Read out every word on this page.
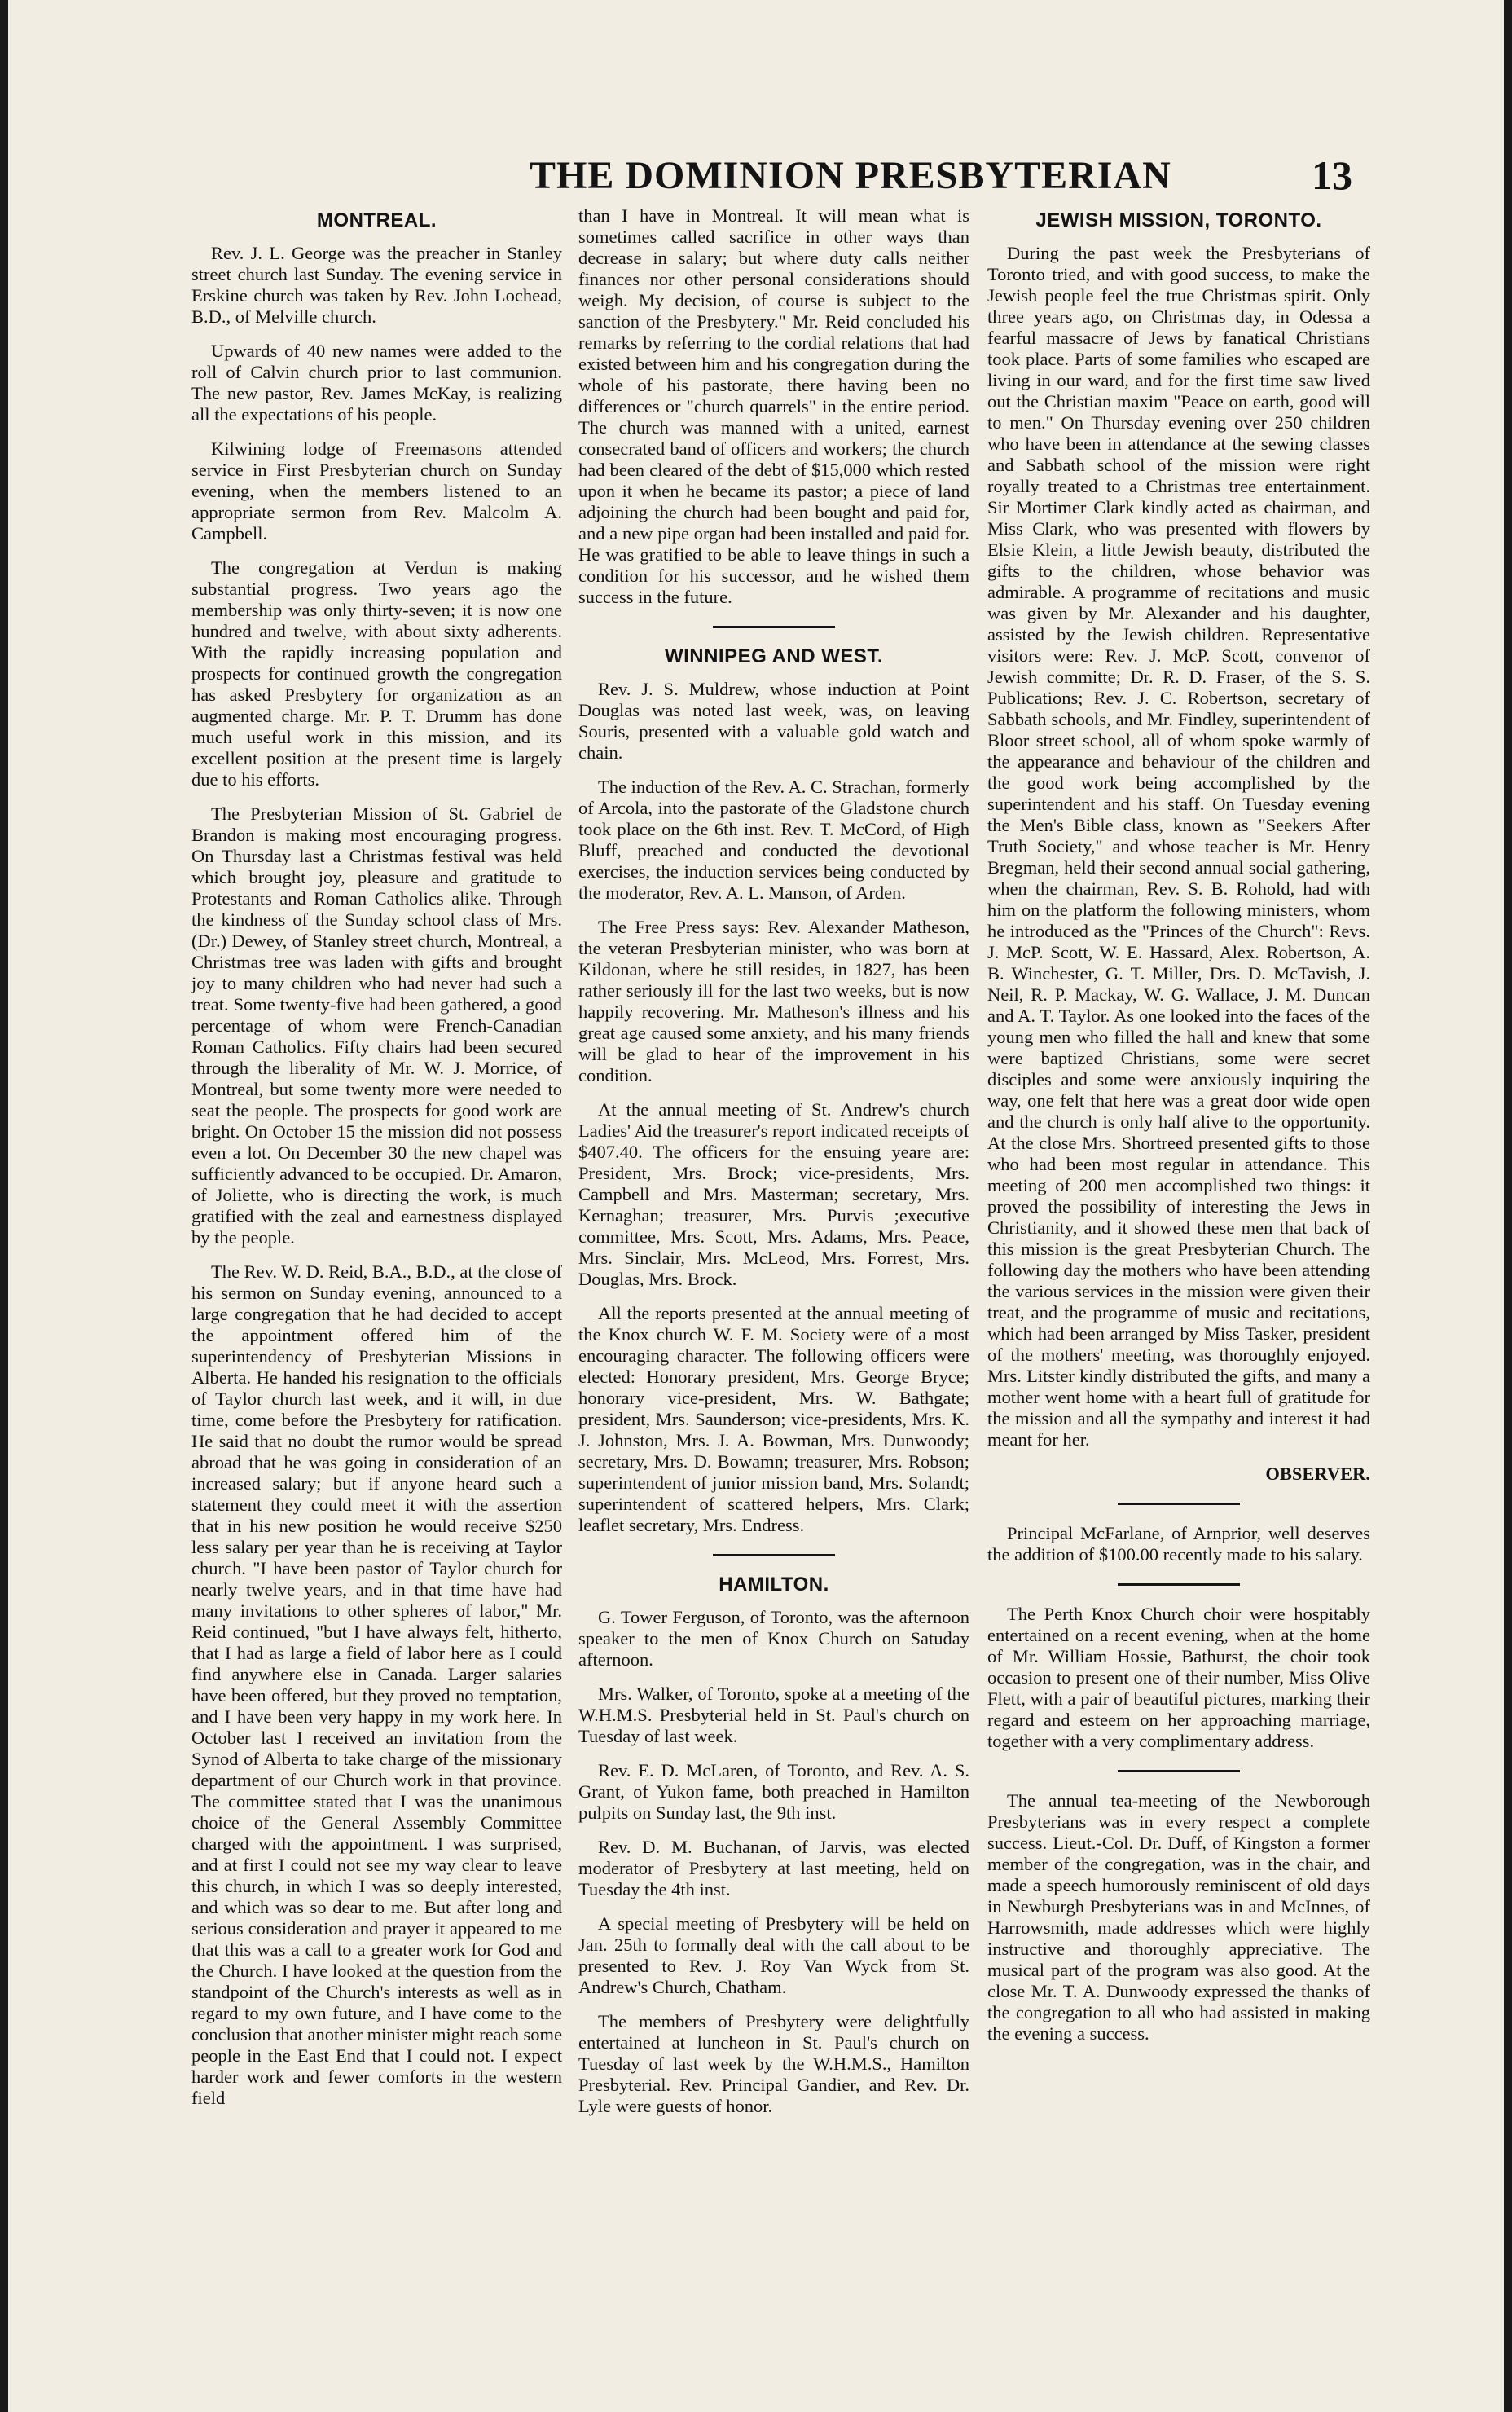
THE DOMINION PRESBYTERIAN	13
MONTREAL.

Rev. J. L. George was the preacher in Stanley street church last Sunday. The evening service in Erskine church was taken by Rev. John Lochead, B.D., of Melville church.

Upwards of 40 new names were added to the roll of Calvin church prior to last communion. The new pastor, Rev. James McKay, is realizing all the expectations of his people.

Kilwining lodge of Freemasons attended service in First Presbyterian church on Sunday evening, when the members listened to an appropriate sermon from Rev. Malcolm A. Campbell.

The congregation at Verdun is making substantial progress. Two years ago the membership was only thirty-seven; it is now one hundred and twelve, with about sixty adherents. With the rapidly increasing population and prospects for continued growth the congregation has asked Presbytery for organization as an augmented charge. Mr. P. T. Drumm has done much useful work in this mission, and its excellent position at the present time is largely due to his efforts.

The Presbyterian Mission of St. Gabriel de Brandon is making most encouraging progress. On Thursday last a Christmas festival was held which brought joy, pleasure and gratitude to Protestants and Roman Catholics alike. Through the kindness of the Sunday school class of Mrs. (Dr.) Dewey, of Stanley street church, Montreal, a Christmas tree was laden with gifts and brought joy to many children who had never had such a treat. Some twenty-five had been gathered, a good percentage of whom were French-Canadian Roman Catholics. Fifty chairs had been secured through the liberality of Mr. W. J. Morrice, of Montreal, but some twenty more were needed to seat the people. The prospects for good work are bright. On October 15 the mission did not possess even a lot. On December 30 the new chapel was sufficiently advanced to be occupied. Dr. Amaron, of Joliette, who is directing the work, is much gratified with the zeal and earnestness displayed by the people.

The Rev. W. D. Reid, B.A., B.D., at the close of his sermon on Sunday evening, announced to a large congregation that he had decided to accept the appointment offered him of the superintendency of Presbyterian Missions in Alberta. He handed his resignation to the officials of Taylor church last week, and it will, in due time, come before the Presbytery for ratification. He said that no doubt the rumor would be spread abroad that he was going in consideration of an increased salary; but if anyone heard such a statement they could meet it with the assertion that in his new position he would receive $250 less salary per year than he is receiving at Taylor church. "I have been pastor of Taylor church for nearly twelve years, and in that time have had many invitations to other spheres of labor," Mr. Reid continued, "but I have always felt, hitherto, that I had as large a field of labor here as I could find anywhere else in Canada. Larger salaries have been offered, but they proved no temptation, and I have been very happy in my work here. In October last I received an invitation from the Synod of Alberta to take charge of the missionary department of our Church work in that province. The committee stated that I was the unanimous choice of the General Assembly Committee charged with the appointment. I was surprised, and at first I could not see my way clear to leave this church, in which I was so deeply interested, and which was so dear to me. But after long and serious consideration and prayer it appeared to me that this was a call to a greater work for God and the Church. I have looked at the question from the standpoint of the Church's interests as well as in regard to my own future, and I have come to the conclusion that another minister might reach some people in the East End that I could not. I expect harder work and fewer comforts in the western field

than I have in Montreal. It will mean what is sometimes called sacrifice in other ways than decrease in salary; but where duty calls neither finances nor other personal considerations should weigh. My decision, of course is subject to the sanction of the Presbytery." Mr. Reid concluded his remarks by referring to the cordial relations that had existed between him and his congregation during the whole of his pastorate, there having been no differences or "church quarrels" in the entire period. The church was manned with a united, earnest consecrated band of officers and workers; the church had been cleared of the debt of $15,000 which rested upon it when he became its pastor; a piece of land adjoining the church had been bought and paid for, and a new pipe organ had been installed and paid for. He was gratified to be able to leave things in such a condition for his successor, and he wished them success in the future.

WINNIPEG AND WEST.

Rev. J. S. Muldrew, whose induction at Point Douglas was noted last week, was, on leaving Souris, presented with a valuable gold watch and chain.

The induction of the Rev. A. C. Strachan, formerly of Arcola, into the pastorate of the Gladstone church took place on the 6th inst. Rev. T. McCord, of High Bluff, preached and conducted the devotional exercises, the induction services being conducted by the moderator, Rev. A. L. Manson, of Arden.

The Free Press says: Rev. Alexander Matheson, the veteran Presbyterian minister, who was born at Kildonan, where he still resides, in 1827, has been rather seriously ill for the last two weeks, but is now happily recovering. Mr. Matheson's illness and his great age caused some anxiety, and his many friends will be glad to hear of the improvement in his condition.

At the annual meeting of St. Andrew's church Ladies' Aid the treasurer's report indicated receipts of $407.40. The officers for the ensuing yeare are: President, Mrs. Brock; vice-presidents, Mrs. Campbell and Mrs. Masterman; secretary, Mrs. Kernaghan; treasurer, Mrs. Purvis ;executive committee, Mrs. Scott, Mrs. Adams, Mrs. Peace, Mrs. Sinclair, Mrs. McLeod, Mrs. Forrest, Mrs. Douglas, Mrs. Brock.

All the reports presented at the annual meeting of the Knox church W. F. M. Society were of a most encouraging character. The following officers were elected: Honorary president, Mrs. George Bryce; honorary vice-president, Mrs. W. Bathgate; president, Mrs. Saunderson; vice-presidents, Mrs. K. J. Johnston, Mrs. J. A. Bowman, Mrs. Dunwoody; secretary, Mrs. D. Bowamn; treasurer, Mrs. Robson; superintendent of junior mission band, Mrs. Solandt; superintendent of scattered helpers, Mrs. Clark; leaflet secretary, Mrs. Endress.

HAMILTON.

G. Tower Ferguson, of Toronto, was the afternoon speaker to the men of Knox Church on Satuday afternoon.

Mrs. Walker, of Toronto, spoke at a meeting of the W.H.M.S. Presbyterial held in St. Paul's church on Tuesday of last week.

Rev. E. D. McLaren, of Toronto, and Rev. A. S. Grant, of Yukon fame, both preached in Hamilton pulpits on Sunday last, the 9th inst.

Rev. D. M. Buchanan, of Jarvis, was elected moderator of Presbytery at last meeting, held on Tuesday the 4th inst.

A special meeting of Presbytery will be held on Jan. 25th to formally deal with the call about to be presented to Rev. J. Roy Van Wyck from St. Andrew's Church, Chatham.

The members of Presbytery were delightfully entertained at luncheon in St. Paul's church on Tuesday of last week by the W.H.M.S., Hamilton Presbyterial. Rev. Principal Gandier, and Rev. Dr. Lyle were guests of honor.

JEWISH MISSION, TORONTO.

During the past week the Presbyterians of Toronto tried, and with good success, to make the Jewish people feel the true Christmas spirit. Only three years ago, on Christmas day, in Odessa a fearful massacre of Jews by fanatical Christians took place. Parts of some families who escaped are living in our ward, and for the first time saw lived out the Christian maxim "Peace on earth, good will to men." On Thursday evening over 250 children who have been in attendance at the sewing classes and Sabbath school of the mission were right royally treated to a Christmas tree entertainment. Sir Mortimer Clark kindly acted as chairman, and Miss Clark, who was presented with flowers by Elsie Klein, a little Jewish beauty, distributed the gifts to the children, whose behavior was admirable. A programme of recitations and music was given by Mr. Alexander and his daughter, assisted by the Jewish children. Representative visitors were: Rev. J. McP. Scott, convenor of Jewish committe; Dr. R. D. Fraser, of the S. S. Publications; Rev. J. C. Robertson, secretary of Sabbath schools, and Mr. Findley, superintendent of Bloor street school, all of whom spoke warmly of the appearance and behaviour of the children and the good work being accomplished by the superintendent and his staff. On Tuesday evening the Men's Bible class, known as "Seekers After Truth Society," and whose teacher is Mr. Henry Bregman, held their second annual social gathering, when the chairman, Rev. S. B. Rohold, had with him on the platform the following ministers, whom he introduced as the "Princes of the Church": Revs. J. McP. Scott, W. E. Hassard, Alex. Robertson, A. B. Winchester, G. T. Miller, Drs. D. McTavish, J. Neil, R. P. Mackay, W. G. Wallace, J. M. Duncan and A. T. Taylor. As one looked into the faces of the young men who filled the hall and knew that some were baptized Christians, some were secret disciples and some were anxiously inquiring the way, one felt that here was a great door wide open and the church is only half alive to the opportunity. At the close Mrs. Shortreed presented gifts to those who had been most regular in attendance. This meeting of 200 men accomplished two things: it proved the possibility of interesting the Jews in Christianity, and it showed these men that back of this mission is the great Presbyterian Church. The following day the mothers who have been attending the various services in the mission were given their treat, and the programme of music and recitations, which had been arranged by Miss Tasker, president of the mothers' meeting, was thoroughly enjoyed. Mrs. Litster kindly distributed the gifts, and many a mother went home with a heart full of gratitude for the mission and all the sympathy and interest it had meant for her.

OBSERVER.

Principal McFarlane, of Arnprior, well deserves the addition of $100.00 recently made to his salary.

The Perth Knox Church choir were hospitably entertained on a recent evening, when at the home of Mr. William Hossie, Bathurst, the choir took occasion to present one of their number, Miss Olive Flett, with a pair of beautiful pictures, marking their regard and esteem on her approaching marriage, together with a very complimentary address.

The annual tea-meeting of the Newborough Presbyterians was in every respect a complete success. Lieut.-Col. Dr. Duff, of Kingston a former member of the congregation, was in the chair, and made a speech humorously reminiscent of old days in Newburgh Presbyterians was in and McInnes, of Harrowsmith, made addresses which were highly instructive and thoroughly appreciative. The musical part of the program was also good. At the close Mr. T. A. Dunwoody expressed the thanks of the congregation to all who had assisted in making the evening a success.
